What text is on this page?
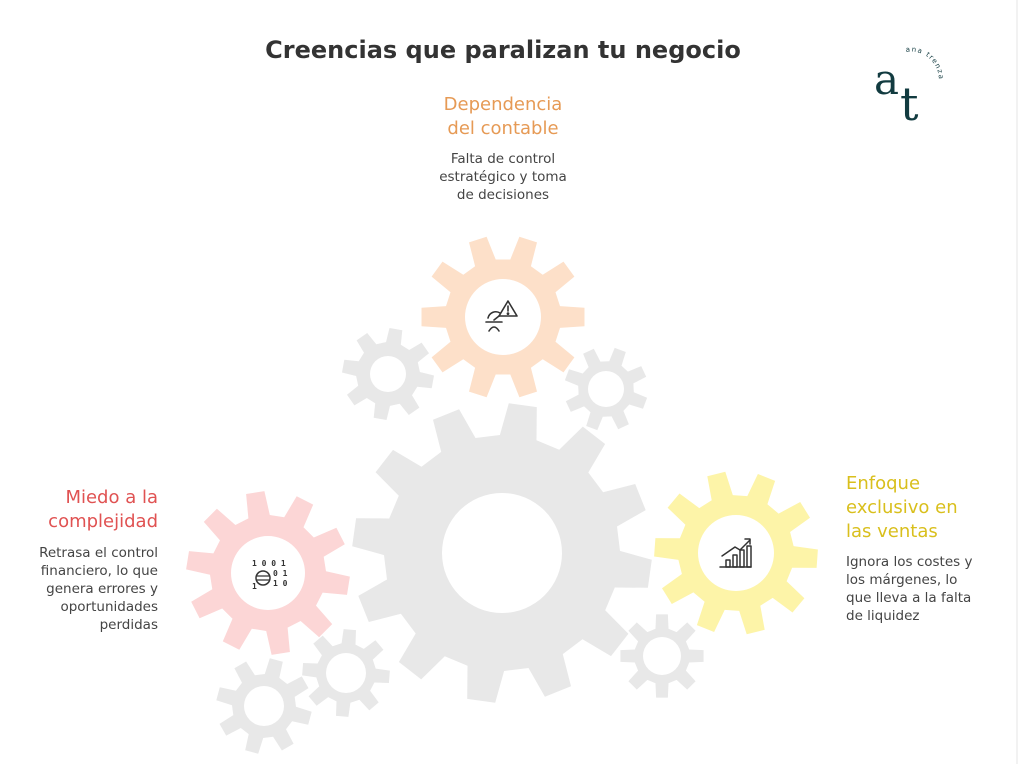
Creencias que paralizan tu negocio	ana trenza
a t
1 0 0 1
0 1
1 0
1
Dependencia
del contable
Falta de control
estratégico y toma
de decisiones
Miedo a la
complejidad
Retrasa el control
financiero, lo que
genera errores y
oportunidades
perdidas
Enfoque
exclusivo en
las ventas
Ignora los costes y
los márgenes, lo
que lleva a la falta
de liquidez
